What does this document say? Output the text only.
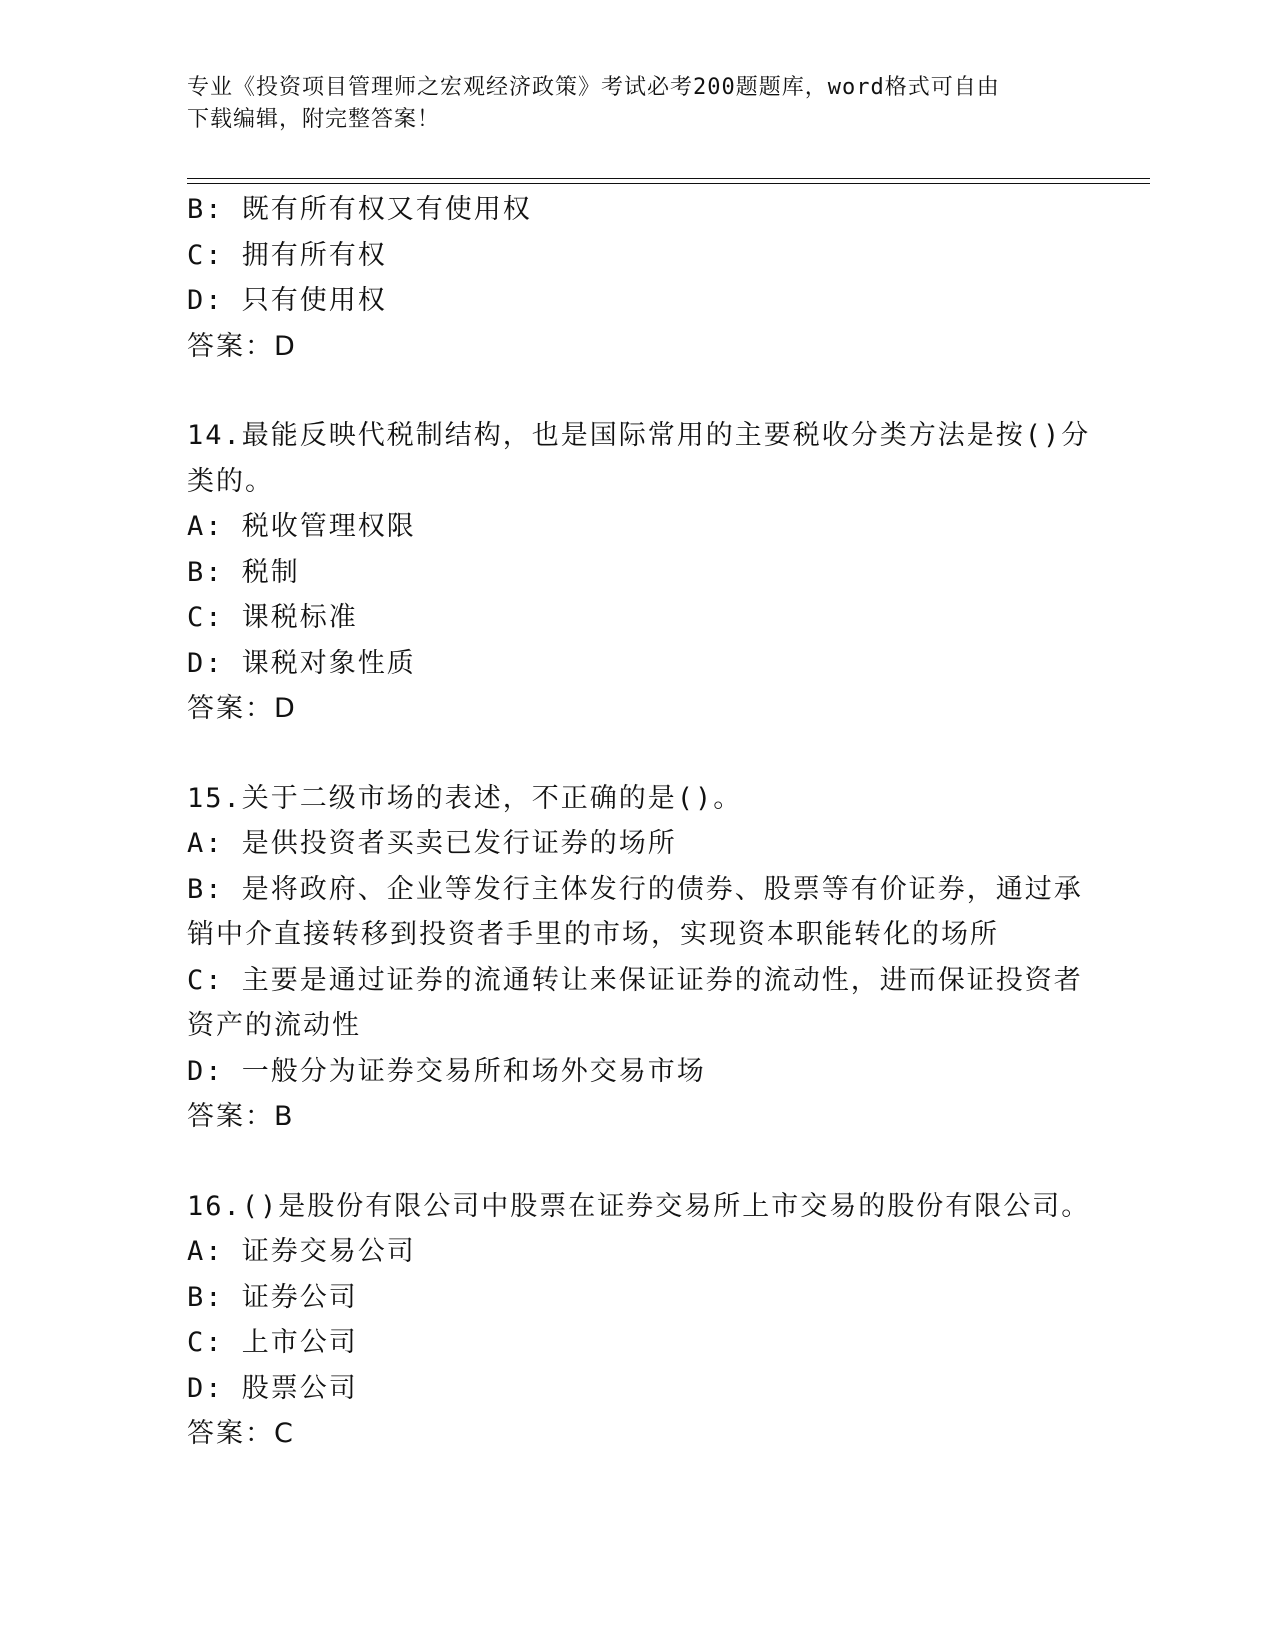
专业《投资项目管理师之宏观经济政策》考试必考200题题库，word格式可自由
下载编辑，附完整答案！
B: 既有所有权又有使用权
C: 拥有所有权
D: 只有使用权
答案：D
14.最能反映代税制结构，也是国际常用的主要税收分类方法是按()分
类的。
A: 税收管理权限
B: 税制
C: 课税标准
D: 课税对象性质
答案：D
15.关于二级市场的表述，不正确的是()。
A: 是供投资者买卖已发行证券的场所
B: 是将政府、企业等发行主体发行的债券、股票等有价证券，通过承
销中介直接转移到投资者手里的市场，实现资本职能转化的场所
C: 主要是通过证券的流通转让来保证证券的流动性，进而保证投资者
资产的流动性
D: 一般分为证券交易所和场外交易市场
答案：B
16.()是股份有限公司中股票在证券交易所上市交易的股份有限公司。
A: 证券交易公司
B: 证券公司
C: 上市公司
D: 股票公司
答案：C
